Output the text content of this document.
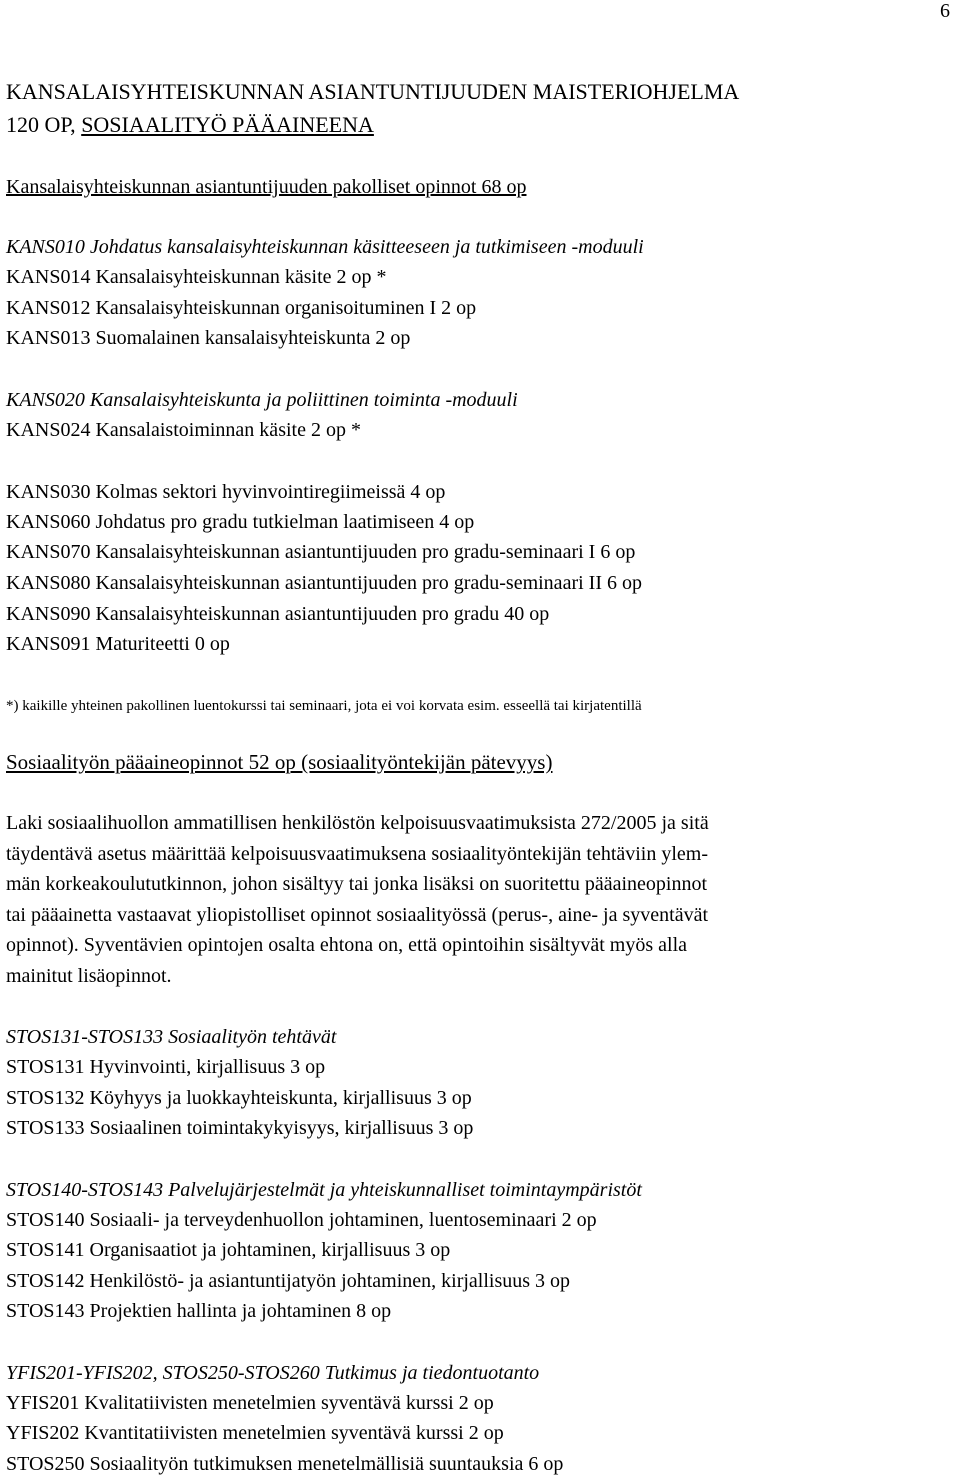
6
KANSALAISYHTEISKUNNAN ASIANTUNTIJUUDEN MAISTERIOHJELMA
120 OP, SOSIAALITYÖ PÄÄAINEENA
Kansalaisyhteiskunnan asiantuntijuuden pakolliset opinnot 68 op
KANS010 Johdatus kansalaisyhteiskunnan käsitteeseen ja tutkimiseen -moduuli
KANS014 Kansalaisyhteiskunnan käsite 2 op *
KANS012 Kansalaisyhteiskunnan organisoituminen I 2 op
KANS013 Suomalainen kansalaisyhteiskunta 2 op
KANS020 Kansalaisyhteiskunta ja poliittinen toiminta -moduuli
KANS024 Kansalaistoiminnan käsite 2 op *
KANS030 Kolmas sektori hyvinvointiregiimeissä 4 op
KANS060 Johdatus pro gradu tutkielman laatimiseen 4 op
KANS070 Kansalaisyhteiskunnan asiantuntijuuden pro gradu-seminaari I 6 op
KANS080 Kansalaisyhteiskunnan asiantuntijuuden pro gradu-seminaari II 6 op
KANS090 Kansalaisyhteiskunnan asiantuntijuuden pro gradu 40 op
KANS091 Maturiteetti 0 op
*) kaikille yhteinen pakollinen luentokurssi tai seminaari, jota ei voi korvata esim. esseellä tai kirjatentillä
Sosiaalityön pääaineopinnot 52 op (sosiaalityöntekijän pätevyys)
Laki sosiaalihuollon ammatillisen henkilöstön kelpoisuusvaatimuksista 272/2005 ja sitä
täydentävä asetus määrittää kelpoisuusvaatimuksena sosiaalityöntekijän tehtäviin ylem-
män korkeakoulututkinnon, johon sisältyy tai jonka lisäksi on suoritettu pääaineopinnot
tai pääainetta vastaavat yliopistolliset opinnot sosiaalityössä (perus-, aine- ja syventävät
opinnot). Syventävien opintojen osalta ehtona on, että opintoihin sisältyvät myös alla
mainitut lisäopinnot.
STOS131-STOS133 Sosiaalityön tehtävät
STOS131 Hyvinvointi, kirjallisuus 3 op
STOS132 Köyhyys ja luokkayhteiskunta, kirjallisuus 3 op
STOS133 Sosiaalinen toimintakykyisyys, kirjallisuus 3 op
STOS140-STOS143 Palvelujärjestelmät ja yhteiskunnalliset toimintaympäristöt
STOS140 Sosiaali- ja terveydenhuollon johtaminen, luentoseminaari 2 op
STOS141 Organisaatiot ja johtaminen, kirjallisuus 3 op
STOS142 Henkilöstö- ja asiantuntijatyön johtaminen, kirjallisuus 3 op
STOS143 Projektien hallinta ja johtaminen 8 op
YFIS201-YFIS202, STOS250-STOS260 Tutkimus ja tiedontuotanto
YFIS201 Kvalitatiivisten menetelmien syventävä kurssi 2 op
YFIS202 Kvantitatiivisten menetelmien syventävä kurssi 2 op
STOS250 Sosiaalityön tutkimuksen menetelmällisiä suuntauksia 6 op
